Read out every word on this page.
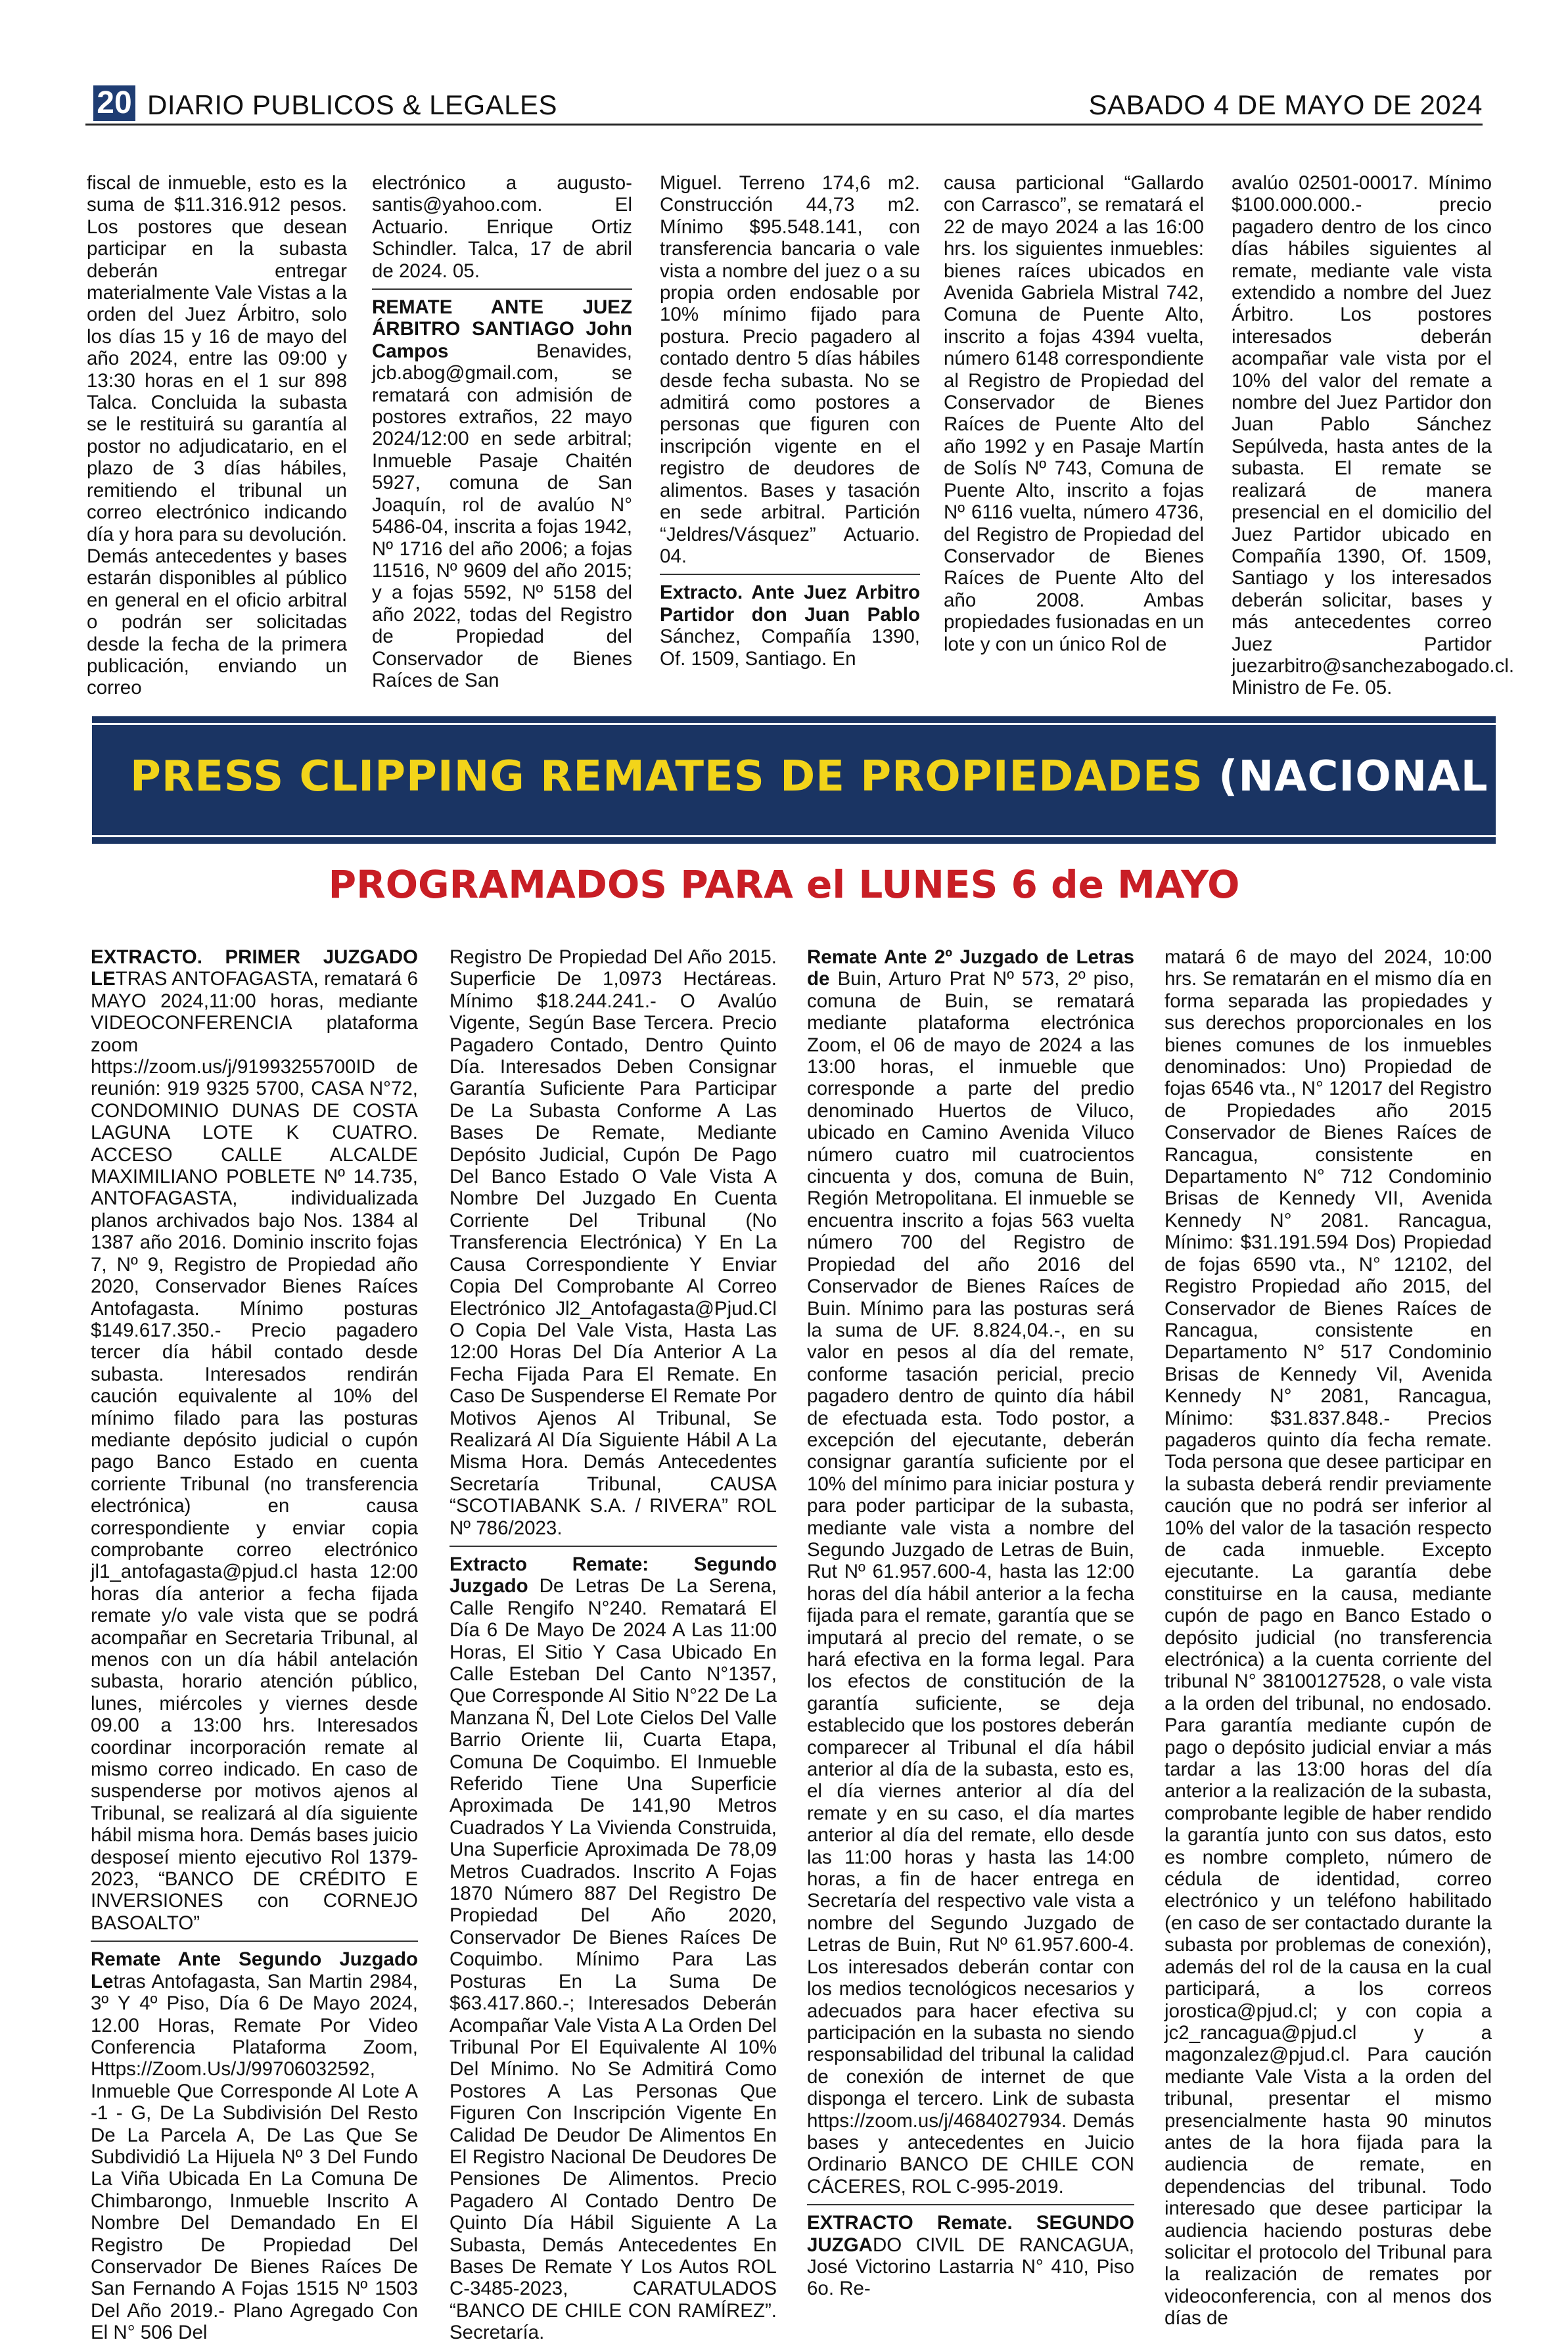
20 DIARIO PUBLICOS & LEGALES	SABADO 4 DE MAYO DE 2024

fiscal de inmueble, esto es la suma de $11.316.912 pesos. Los postores que desean participar en la subasta deberán entregar materialmente Vale Vistas a la orden del Juez Árbitro, solo los días 15 y 16 de mayo del año 2024, entre las 09:00 y 13:30 horas en el 1 sur 898 Talca. Concluida la subasta se le restituirá su garantía al postor no adjudicatario, en el plazo de 3 días hábiles, remitiendo el tribunal un correo electrónico indicando día y hora para su devolución. Demás antecedentes y bases estarán disponibles al público en general en el oficio arbitral o podrán ser solicitadas desde la fecha de la primera publicación, enviando un correo

electrónico a augusto-santis@yahoo.com. El Actuario. Enrique Ortiz Schindler. Talca, 17 de abril de 2024. 05.

REMATE ANTE JUEZ ÁRBITRO SANTIAGO John Campos Benavides, jcb.abog@gmail.com, se rematará con admisión de postores extraños, 22 mayo 2024/12:00 en sede arbitral; Inmueble Pasaje Chaitén 5927, comuna de San Joaquín, rol de avalúo N° 5486-04, inscrita a fojas 1942, Nº 1716 del año 2006; a fojas 11516, Nº 9609 del año 2015; y a fojas 5592, Nº 5158 del año 2022, todas del Registro de Propiedad del Conservador de Bienes Raíces de San

Miguel. Terreno 174,6 m2. Construcción 44,73 m2. Mínimo $95.548.141, con transferencia bancaria o vale vista a nombre del juez o a su propia orden endosable por 10% mínimo fijado para postura. Precio pagadero al contado dentro 5 días hábiles desde fecha subasta. No se admitirá como postores a personas que figuren con inscripción vigente en el registro de deudores de alimentos. Bases y tasación en sede arbitral. Partición “Jeldres/Vásquez” Actuario. 04.

Extracto. Ante Juez Arbitro Partidor don Juan Pablo Sánchez, Compañía 1390, Of. 1509, Santiago. En

causa particional “Gallardo con Carrasco”, se rematará el 22 de mayo 2024 a las 16:00 hrs. los siguientes inmuebles: bienes raíces ubicados en Avenida Gabriela Mistral 742, Comuna de Puente Alto, inscrito a fojas 4394 vuelta, número 6148 correspondiente al Registro de Propiedad del Conservador de Bienes Raíces de Puente Alto del año 1992 y en Pasaje Martín de Solís Nº 743, Comuna de Puente Alto, inscrito a fojas Nº 6116 vuelta, número 4736, del Registro de Propiedad del Conservador de Bienes Raíces de Puente Alto del año 2008. Ambas propiedades fusionadas en un lote y con un único Rol de

avalúo 02501-00017. Mínimo $100.000.000.- precio pagadero dentro de los cinco días hábiles siguientes al remate, mediante vale vista extendido a nombre del Juez Árbitro. Los postores interesados deberán acompañar vale vista por el 10% del valor del remate a nombre del Juez Partidor don Juan Pablo Sánchez Sepúlveda, hasta antes de la subasta. El remate se realizará de manera presencial en el domicilio del Juez Partidor ubicado en Compañía 1390, Of. 1509, Santiago y los interesados deberán solicitar, bases y más antecedentes correo Juez Partidor juezarbitro@sanchezabogado.cl. Ministro de Fe. 05.

PRESS CLIPPING REMATES DE PROPIEDADES (NACIONAL
PROGRAMADOS PARA el LUNES 6 de MAYO

EXTRACTO. PRIMER JUZGADO LETRAS ANTOFAGASTA, rematará 6 MAYO 2024,11:00 horas, mediante VIDEOCONFERENCIA plataforma zoom https://zoom.us/j/91993255700ID de reunión: 919 9325 5700, CASA N°72, CONDOMINIO DUNAS DE COSTA LAGUNA LOTE K CUATRO. ACCESO CALLE ALCALDE MAXIMILIANO POBLETE Nº 14.735, ANTOFAGASTA, individualizada planos archivados bajo Nos. 1384 al 1387 año 2016. Dominio inscrito fojas 7, Nº 9, Registro de Propiedad año 2020, Conservador Bienes Raíces Antofagasta. Mínimo posturas $149.617.350.- Precio pagadero tercer día hábil contado desde subasta. Interesados rendirán caución equivalente al 10% del mínimo filado para las posturas mediante depósito judicial o cupón pago Banco Estado en cuenta corriente Tribunal (no transferencia electrónica) en causa correspondiente y enviar copia comprobante correo electrónico jl1_antofagasta@pjud.cl hasta 12:00 horas día anterior a fecha fijada remate y/o vale vista que se podrá acompañar en Secretaria Tribunal, al menos con un día hábil antelación subasta, horario atención público, lunes, miércoles y viernes desde 09.00 a 13:00 hrs. Interesados coordinar incorporación remate al mismo correo indicado. En caso de suspenderse por motivos ajenos al Tribunal, se realizará al día siguiente hábil misma hora. Demás bases juicio desposeí miento ejecutivo Rol 1379-2023, “BANCO DE CRÉDITO E INVERSIONES con CORNEJO BASOALTO”

Remate Ante Segundo Juzgado Letras Antofagasta, San Martin 2984, 3º Y 4º Piso, Día 6 De Mayo 2024, 12.00 Horas, Remate Por Video Conferencia Plataforma Zoom, Https://Zoom.Us/J/99706032592, Inmueble Que Corresponde Al Lote A -1 - G, De La Subdivisión Del Resto De La Parcela A, De Las Que Se Subdividió La Hijuela Nº 3 Del Fundo La Viña Ubicada En La Comuna De Chimbarongo, Inmueble Inscrito A Nombre Del Demandado En El Registro De Propiedad Del Conservador De Bienes Raíces De San Fernando A Fojas 1515 Nº 1503 Del Año 2019.- Plano Agregado Con El N° 506 Del

Registro De Propiedad Del Año 2015. Superficie De 1,0973 Hectáreas. Mínimo $18.244.241.- O Avalúo Vigente, Según Base Tercera. Precio Pagadero Contado, Dentro Quinto Día. Interesados Deben Consignar Garantía Suficiente Para Participar De La Subasta Conforme A Las Bases De Remate, Mediante Depósito Judicial, Cupón De Pago Del Banco Estado O Vale Vista A Nombre Del Juzgado En Cuenta Corriente Del Tribunal (No Transferencia Electrónica) Y En La Causa Correspondiente Y Enviar Copia Del Comprobante Al Correo Electrónico Jl2_Antofagasta@Pjud.Cl O Copia Del Vale Vista, Hasta Las 12:00 Horas Del Día Anterior A La Fecha Fijada Para El Remate. En Caso De Suspenderse El Remate Por Motivos Ajenos Al Tribunal, Se Realizará Al Día Siguiente Hábil A La Misma Hora. Demás Antecedentes Secretaría Tribunal, CAUSA “SCOTIABANK S.A. / RIVERA” ROL Nº 786/2023.

Extracto Remate: Segundo Juzgado De Letras De La Serena, Calle Rengifo N°240. Rematará El Día 6 De Mayo De 2024 A Las 11:00 Horas, El Sitio Y Casa Ubicado En Calle Esteban Del Canto N°1357, Que Corresponde Al Sitio N°22 De La Manzana Ñ, Del Lote Cielos Del Valle Barrio Oriente Iii, Cuarta Etapa, Comuna De Coquimbo. El Inmueble Referido Tiene Una Superficie Aproximada De 141,90 Metros Cuadrados Y La Vivienda Construida, Una Superficie Aproximada De 78,09 Metros Cuadrados. Inscrito A Fojas 1870 Número 887 Del Registro De Propiedad Del Año 2020, Conservador De Bienes Raíces De Coquimbo. Mínimo Para Las Posturas En La Suma De $63.417.860.-; Interesados Deberán Acompañar Vale Vista A La Orden Del Tribunal Por El Equivalente Al 10% Del Mínimo. No Se Admitirá Como Postores A Las Personas Que Figuren Con Inscripción Vigente En Calidad De Deudor De Alimentos En El Registro Nacional De Deudores De Pensiones De Alimentos. Precio Pagadero Al Contado Dentro De Quinto Día Hábil Siguiente A La Subasta, Demás Antecedentes En Bases De Remate Y Los Autos ROL C-3485-2023, CARATULADOS “BANCO DE CHILE CON RAMÍREZ”. Secretaría.

Remate Ante 2º Juzgado de Letras de Buin, Arturo Prat Nº 573, 2º piso, comuna de Buin, se rematará mediante plataforma electrónica Zoom, el 06 de mayo de 2024 a las 13:00 horas, el inmueble que corresponde a parte del predio denominado Huertos de Viluco, ubicado en Camino Avenida Viluco número cuatro mil cuatrocientos cincuenta y dos, comuna de Buin, Región Metropolitana. El inmueble se encuentra inscrito a fojas 563 vuelta número 700 del Registro de Propiedad del año 2016 del Conservador de Bienes Raíces de Buin. Mínimo para las posturas será la suma de UF. 8.824,04.-, en su valor en pesos al día del remate, conforme tasación pericial, precio pagadero dentro de quinto día hábil de efectuada esta. Todo postor, a excepción del ejecutante, deberán consignar garantía suficiente por el 10% del mínimo para iniciar postura y para poder participar de la subasta, mediante vale vista a nombre del Segundo Juzgado de Letras de Buin, Rut Nº 61.957.600-4, hasta las 12:00 horas del día hábil anterior a la fecha fijada para el remate, garantía que se imputará al precio del remate, o se hará efectiva en la forma legal. Para los efectos de constitución de la garantía suficiente, se deja establecido que los postores deberán comparecer al Tribunal el día hábil anterior al día de la subasta, esto es, el día viernes anterior al día del remate y en su caso, el día martes anterior al día del remate, ello desde las 11:00 horas y hasta las 14:00 horas, a fin de hacer entrega en Secretaría del respectivo vale vista a nombre del Segundo Juzgado de Letras de Buin, Rut Nº 61.957.600-4. Los interesados deberán contar con los medios tecnológicos necesarios y adecuados para hacer efectiva su participación en la subasta no siendo responsabilidad del tribunal la calidad de conexión de internet de que disponga el tercero. Link de subasta https://zoom.us/j/4684027934. Demás bases y antecedentes en Juicio Ordinario BANCO DE CHILE CON CÁCERES, ROL C-995-2019.

EXTRACTO Remate. SEGUNDO JUZGADO CIVIL DE RANCAGUA, José Victorino Lastarria N° 410, Piso 6o. Re-

matará 6 de mayo del 2024, 10:00 hrs. Se rematarán en el mismo día en forma separada las propiedades y sus derechos proporcionales en los bienes comunes de los inmuebles denominados: Uno) Propiedad de fojas 6546 vta., N° 12017 del Registro de Propiedades año 2015 Conservador de Bienes Raíces de Rancagua, consistente en Departamento N° 712 Condominio Brisas de Kennedy VII, Avenida Kennedy N° 2081. Rancagua, Mínimo: $31.191.594 Dos) Propiedad de fojas 6590 vta., N° 12102, del Registro Propiedad año 2015, del Conservador de Bienes Raíces de Rancagua, consistente en Departamento N° 517 Condominio Brisas de Kennedy Vil, Avenida Kennedy N° 2081, Rancagua, Mínimo: $31.837.848.- Precios pagaderos quinto día fecha remate. Toda persona que desee participar en la subasta deberá rendir previamente caución que no podrá ser inferior al 10% del valor de la tasación respecto de cada inmueble. Excepto ejecutante. La garantía debe constituirse en la causa, mediante cupón de pago en Banco Estado o depósito judicial (no transferencia electrónica) a la cuenta corriente del tribunal N° 38100127528, o vale vista a la orden del tribunal, no endosado. Para garantía mediante cupón de pago o depósito judicial enviar a más tardar a las 13:00 horas del día anterior a la realización de la subasta, comprobante legible de haber rendido la garantía junto con sus datos, esto es nombre completo, número de cédula de identidad, correo electrónico y un teléfono habilitado (en caso de ser contactado durante la subasta por problemas de conexión), además del rol de la causa en la cual participará, a los correos jorostica@pjud.cl; y con copia a jc2_rancagua@pjud.cl y a magonzalez@pjud.cl. Para caución mediante Vale Vista a la orden del tribunal, presentar el mismo presencialmente hasta 90 minutos antes de la hora fijada para la audiencia de remate, en dependencias del tribunal. Todo interesado que desee participar la audiencia haciendo posturas debe solicitar el protocolo del Tribunal para la realización de remates por videoconferencia, con al menos dos días de
